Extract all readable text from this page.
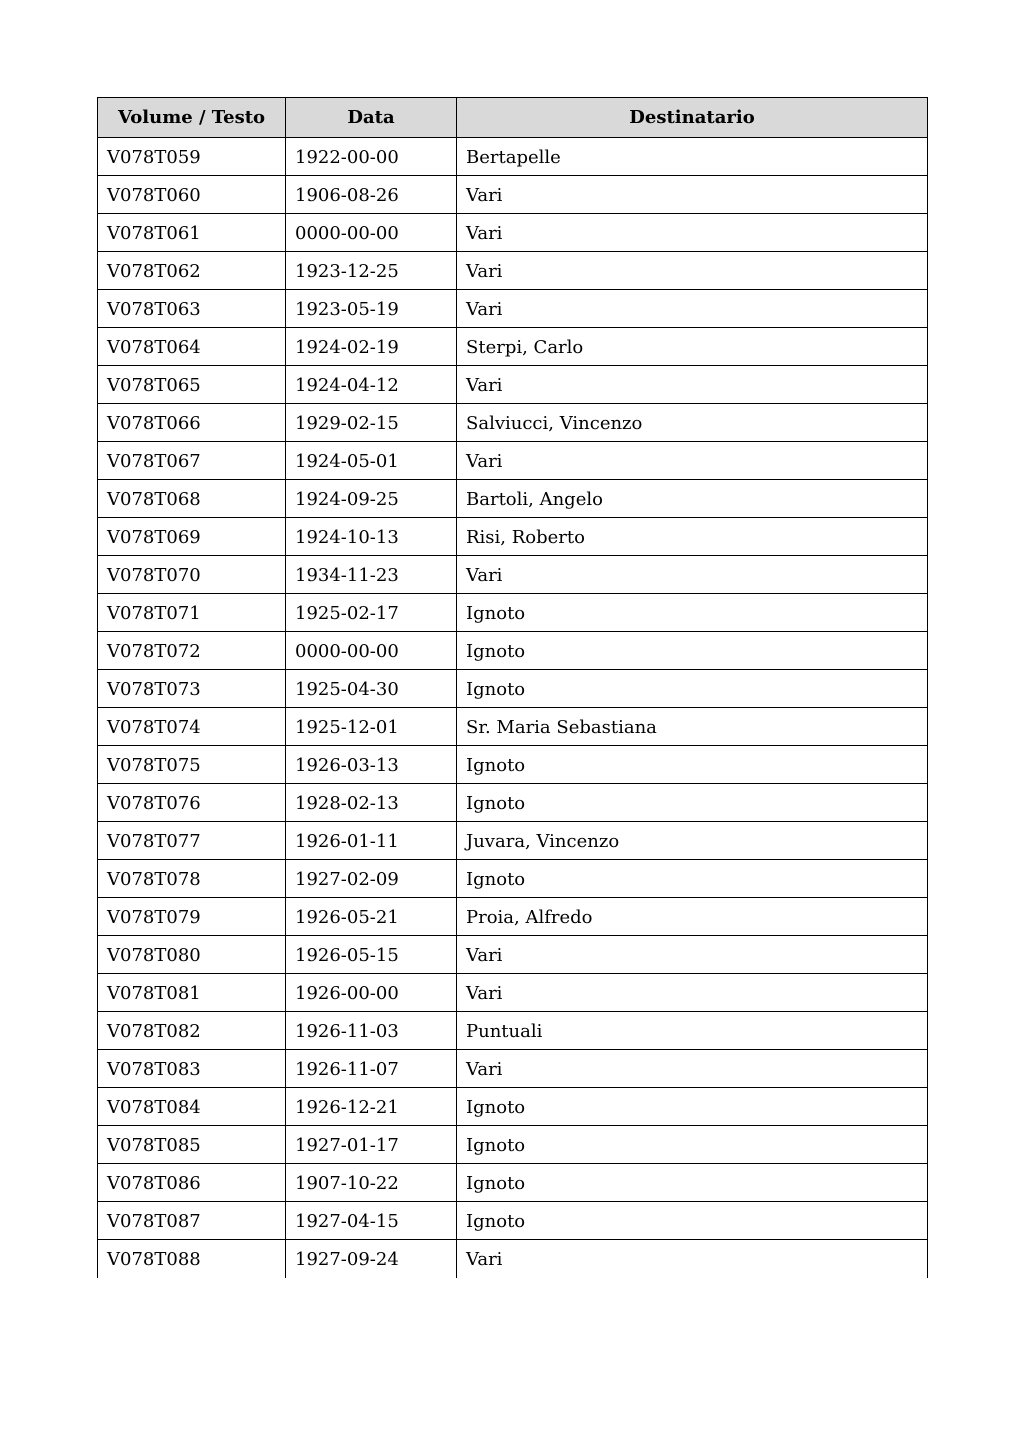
Volume / Testo	Data	Destinatario
V078T059	1922-00-00	Bertapelle
V078T060	1906-08-26	Vari
V078T061	0000-00-00	Vari
V078T062	1923-12-25	Vari
V078T063	1923-05-19	Vari
V078T064	1924-02-19	Sterpi, Carlo
V078T065	1924-04-12	Vari
V078T066	1929-02-15	Salviucci, Vincenzo
V078T067	1924-05-01	Vari
V078T068	1924-09-25	Bartoli, Angelo
V078T069	1924-10-13	Risi, Roberto
V078T070	1934-11-23	Vari
V078T071	1925-02-17	Ignoto
V078T072	0000-00-00	Ignoto
V078T073	1925-04-30	Ignoto
V078T074	1925-12-01	Sr. Maria Sebastiana
V078T075	1926-03-13	Ignoto
V078T076	1928-02-13	Ignoto
V078T077	1926-01-11	Juvara, Vincenzo
V078T078	1927-02-09	Ignoto
V078T079	1926-05-21	Proia, Alfredo
V078T080	1926-05-15	Vari
V078T081	1926-00-00	Vari
V078T082	1926-11-03	Puntuali
V078T083	1926-11-07	Vari
V078T084	1926-12-21	Ignoto
V078T085	1927-01-17	Ignoto
V078T086	1907-10-22	Ignoto
V078T087	1927-04-15	Ignoto
V078T088	1927-09-24	Vari
